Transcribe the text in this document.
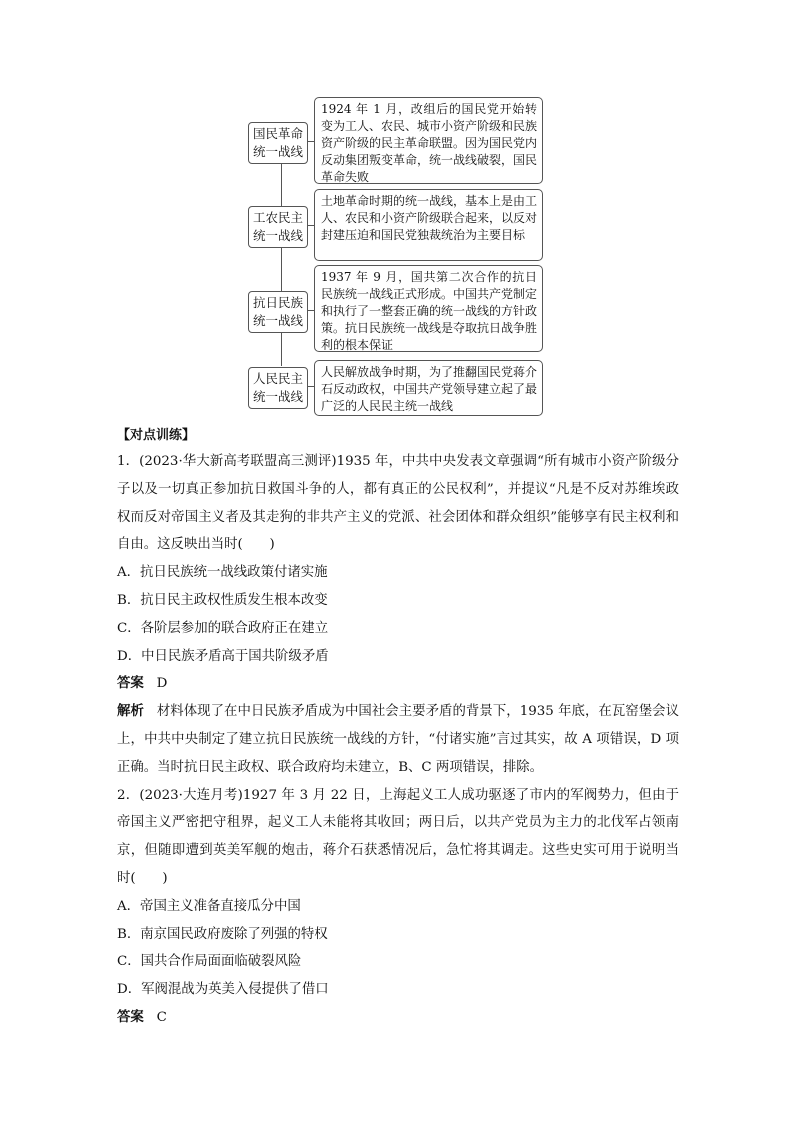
国民革命
统一战线
1924 年 1 月，改组后的国民党开始转变为工人、农民、城市小资产阶级和民族资产阶级的民主革命联盟。因为国民党内反动集团叛变革命，统一战线破裂，国民革命失败
工农民主
统一战线
土地革命时期的统一战线，基本上是由工人、农民和小资产阶级联合起来，以反对封建压迫和国民党独裁统治为主要目标
抗日民族
统一战线
1937 年 9 月，国共第二次合作的抗日民族统一战线正式形成。中国共产党制定和执行了一整套正确的统一战线的方针政策。抗日民族统一战线是夺取抗日战争胜利的根本保证
人民民主
统一战线
人民解放战争时期，为了推翻国民党蒋介石反动政权，中国共产党领导建立起了最广泛的人民民主统一战线

【对点训练】

1．(2023·华大新高考联盟高三测评)1935 年，中共中央发表文章强调“所有城市小资产阶级分子以及一切真正参加抗日救国斗争的人，都有真正的公民权利”，并提议“凡是不反对苏维埃政权而反对帝国主义者及其走狗的非共产主义的党派、社会团体和群众组织”能够享有民主权利和自由。这反映出当时(　　)

A．抗日民族统一战线政策付诸实施

B．抗日民主政权性质发生根本改变

C．各阶层参加的联合政府正在建立

D．中日民族矛盾高于国共阶级矛盾

答案 D

解析 材料体现了在中日民族矛盾成为中国社会主要矛盾的背景下，1935 年底，在瓦窑堡会议上，中共中央制定了建立抗日民族统一战线的方针，“付诸实施”言过其实，故 A 项错误，D 项正确。当时抗日民主政权、联合政府均未建立，B、C 两项错误，排除。

2．(2023·大连月考)1927 年 3 月 22 日，上海起义工人成功驱逐了市内的军阀势力，但由于帝国主义严密把守租界，起义工人未能将其收回；两日后，以共产党员为主力的北伐军占领南京，但随即遭到英美军舰的炮击，蒋介石获悉情况后，急忙将其调走。这些史实可用于说明当时(　　)

A．帝国主义准备直接瓜分中国

B．南京国民政府废除了列强的特权

C．国共合作局面面临破裂风险

D．军阀混战为英美入侵提供了借口

答案 C
